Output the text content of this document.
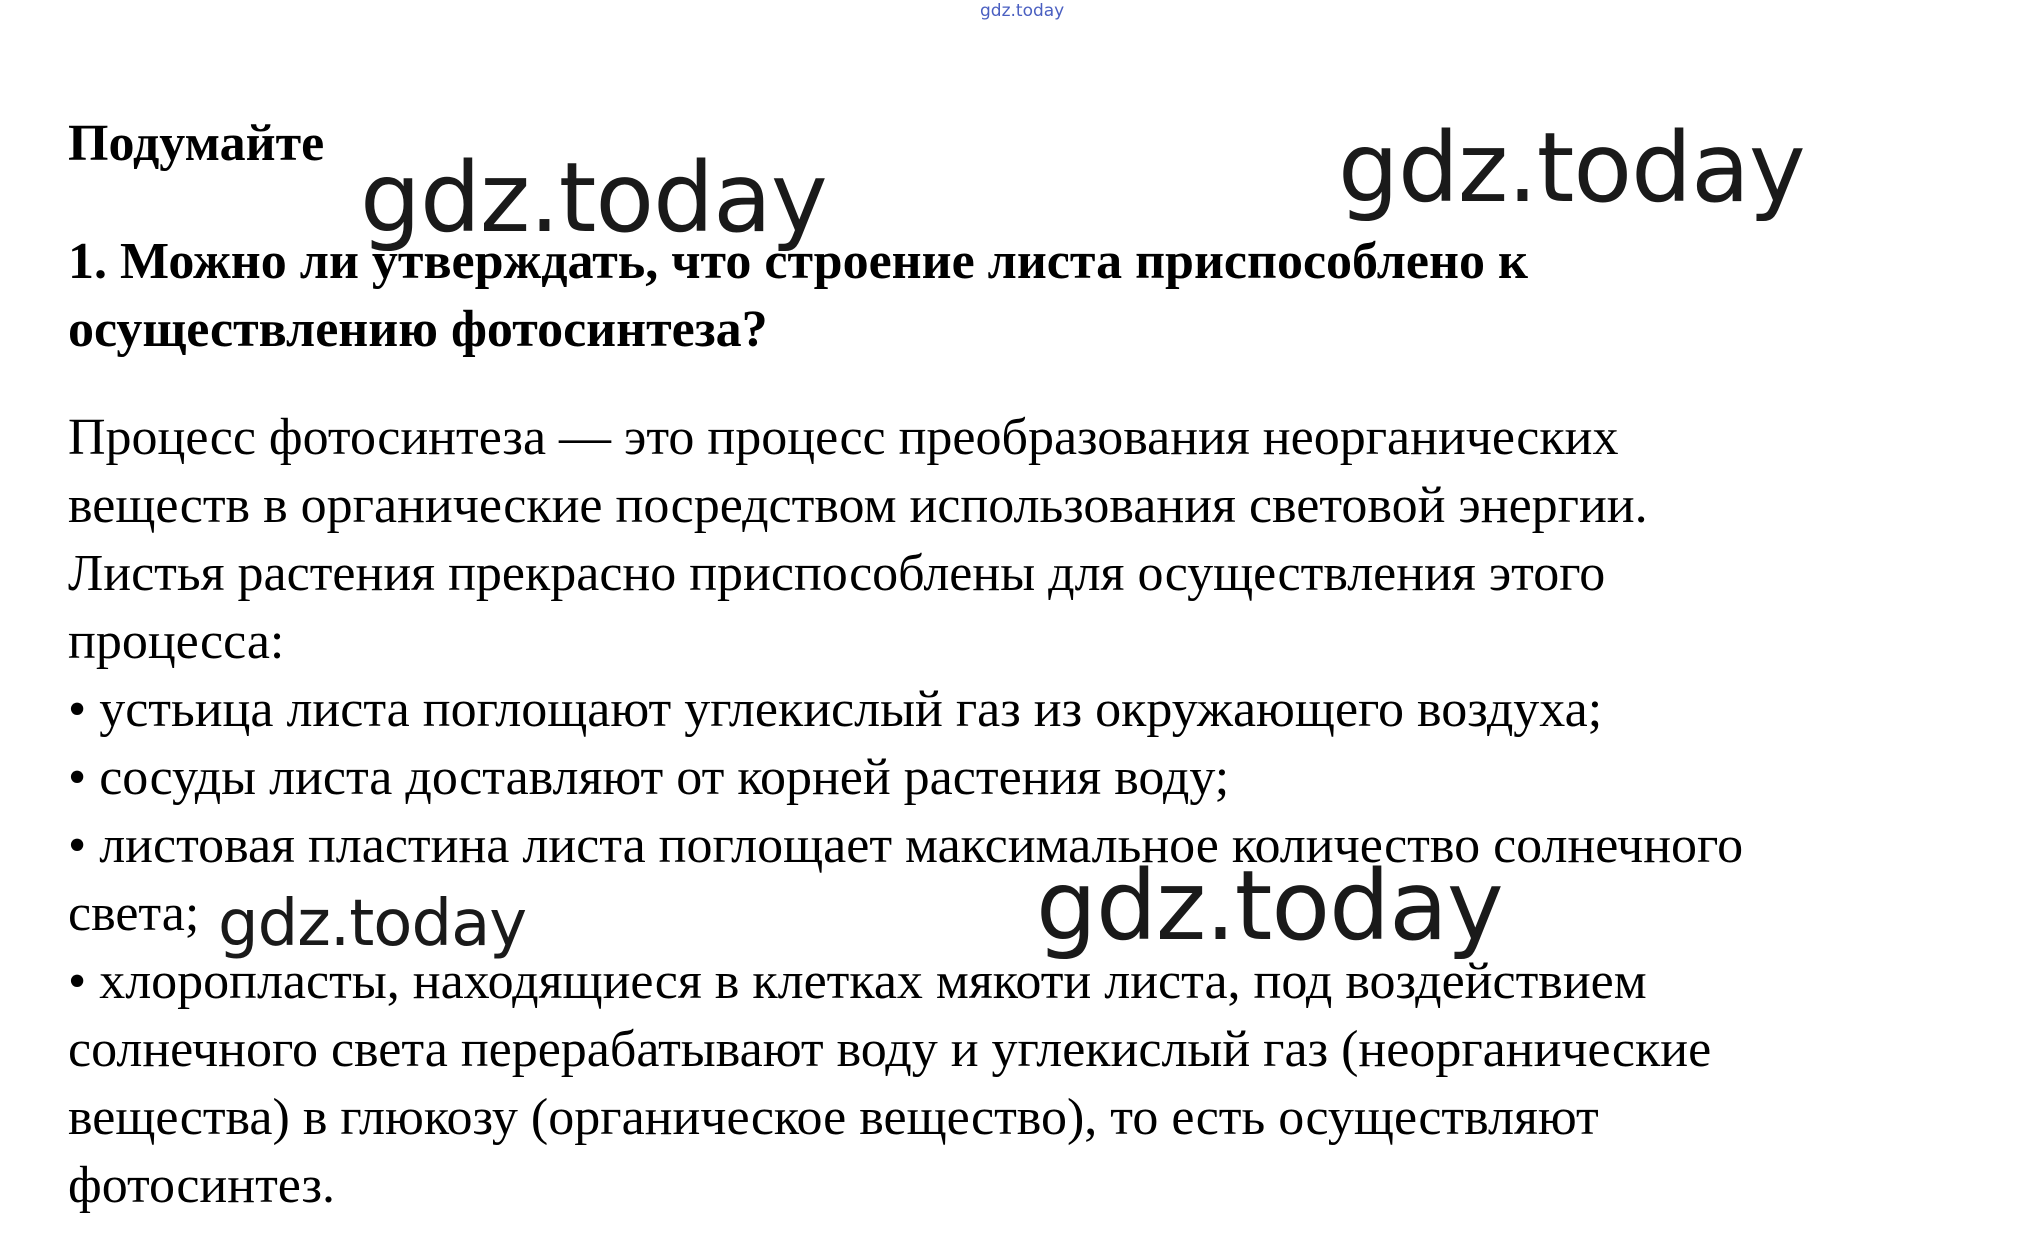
gdz.today
Подумайте
1. Можно ли утверждать, что строение листа приспособлено к
осуществлению фотосинтеза?
Процесс фотосинтеза — это процесс преобразования неорганических
веществ в органические посредством использования световой энергии.
Листья растения прекрасно приспособлены для осуществления этого
процесса:
• устьица листа поглощают углекислый газ из окружающего воздуха;
• сосуды листа доставляют от корней растения воду;
• листовая пластина листа поглощает максимальное количество солнечного
света;
• хлоропласты, находящиеся в клетках мякоти листа, под воздействием
солнечного света перерабатывают воду и углекислый газ (неорганические
вещества) в глюкозу (органическое вещество), то есть осуществляют
фотосинтез.
gdz.today	gdz.today
gdz.today
gdz.today
